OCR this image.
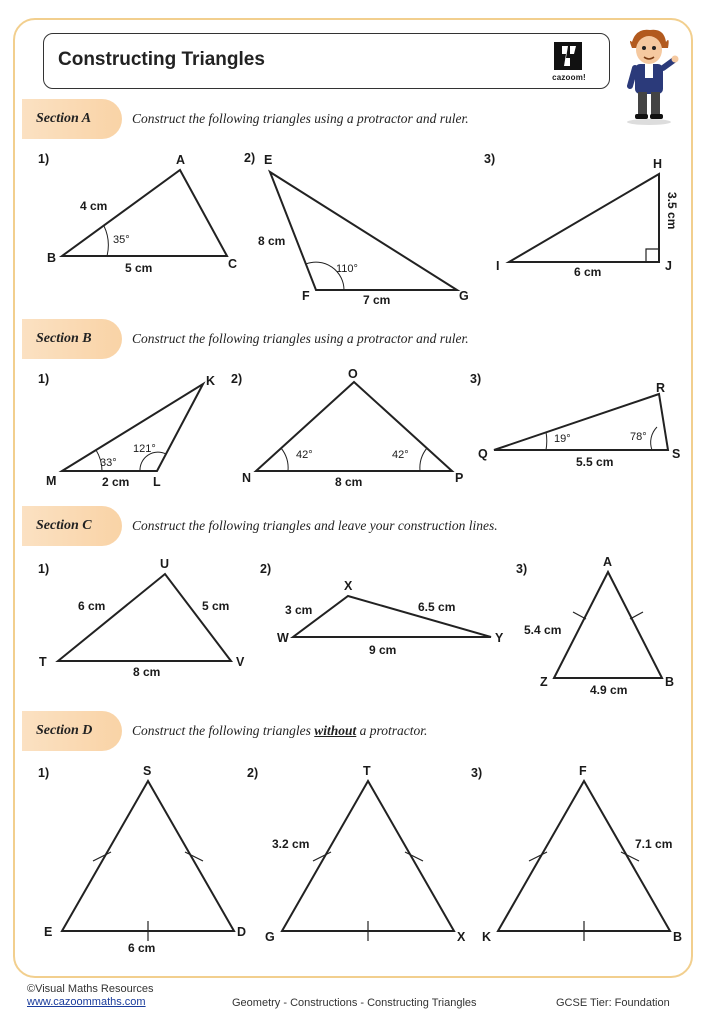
Constructing Triangles
cazoom!
Section A	Construct the following triangles using a protractor and ruler.
Section B	Construct the following triangles using a protractor and ruler.
Section C	Construct the following triangles and leave your construction lines.
Section D	Construct the following triangles without a protractor.
1)	2)	3)
1)	2)	3)
1)	2)	3)
1)	2)	3)
A
B	C
4 cm
5 cm
35°
E
F	G
8 cm
7 cm
110°
H
I	J
3.5 cm
6 cm
K
M	L
2 cm
33°
121°
O
N	P
8 cm
42°	42°
R
Q	S
5.5 cm
19°	78°
U
T	V
6 cm	5 cm
8 cm
X
W	Y
3 cm	6.5 cm
9 cm
A
Z	B
5.4 cm
4.9 cm
S
E	D
6 cm
T
G	X
3.2 cm
F
K	B
7.1 cm
©Visual Maths Resources
www.cazoommaths.com	Geometry - Constructions - Constructing Triangles	GCSE Tier: Foundation
